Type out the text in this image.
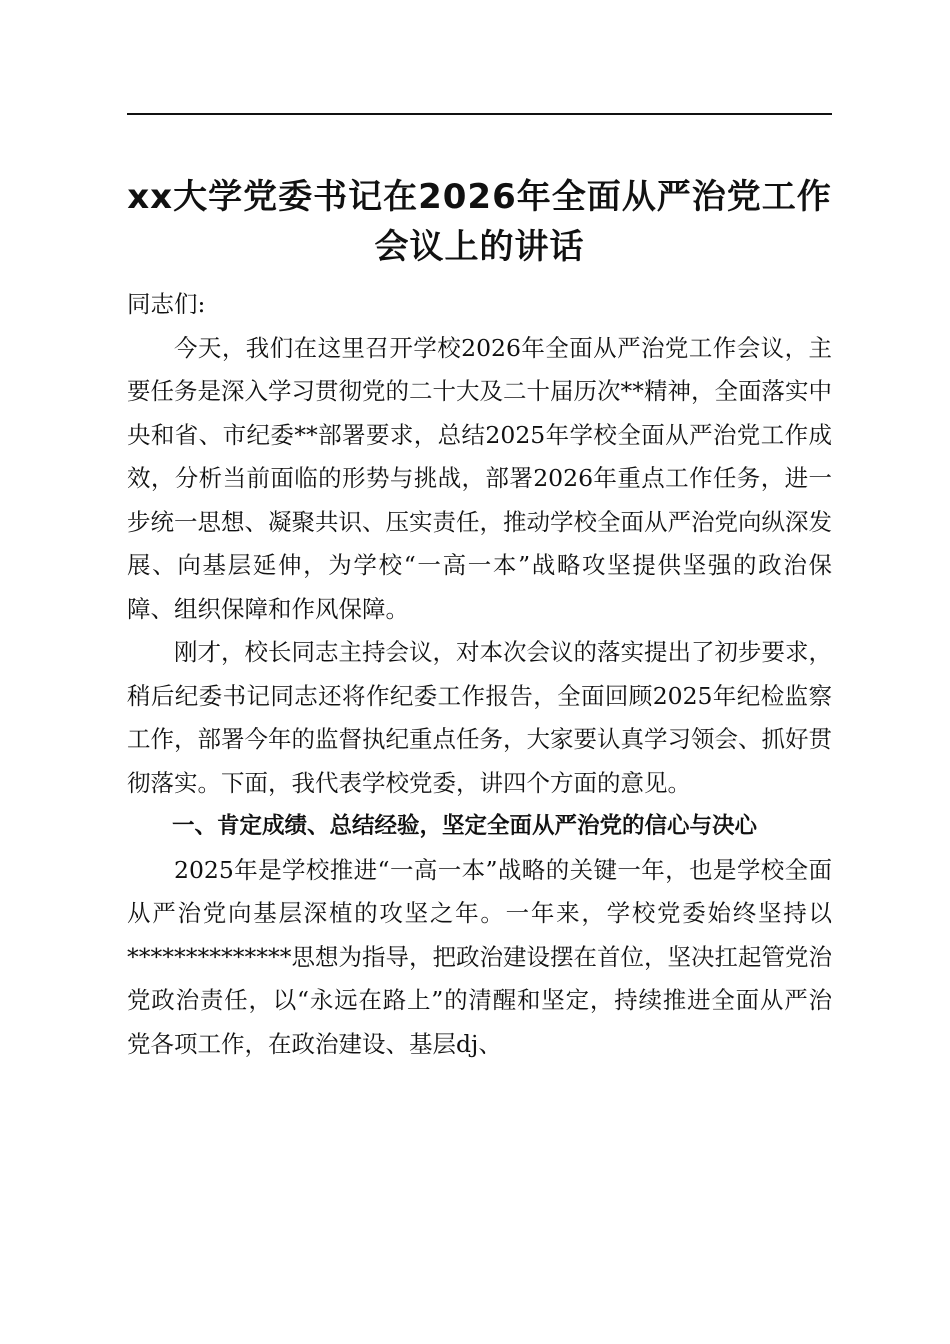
xx大学党委书记在2026年全面从严治党工作
会议上的讲话

同志们:

今天，我们在这里召开学校2026年全面从严治党工作会议，主要任务是深入学习贯彻党的二十大及二十届历次**精神，全面落实中央和省、市纪委**部署要求，总结2025年学校全面从严治党工作成效，分析当前面临的形势与挑战，部署2026年重点工作任务，进一步统一思想、凝聚共识、压实责任，推动学校全面从严治党向纵深发展、向基层延伸，为学校“一高一本”战略攻坚提供坚强的政治保障、组织保障和作风保障。

刚才，校长同志主持会议，对本次会议的落实提出了初步要求，稍后纪委书记同志还将作纪委工作报告，全面回顾2025年纪检监察工作，部署今年的监督执纪重点任务，大家要认真学习领会、抓好贯彻落实。下面，我代表学校党委，讲四个方面的意见。

一、肯定成绩、总结经验，坚定全面从严治党的信心与决心

2025年是学校推进“一高一本”战略的关键一年，也是学校全面从严治党向基层深植的攻坚之年。一年来，学校党委始终坚持以**************思想为指导，把政治建设摆在首位，坚决扛起管党治党政治责任，以“永远在路上”的清醒和坚定，持续推进全面从严治党各项工作，在政治建设、基层dj、
